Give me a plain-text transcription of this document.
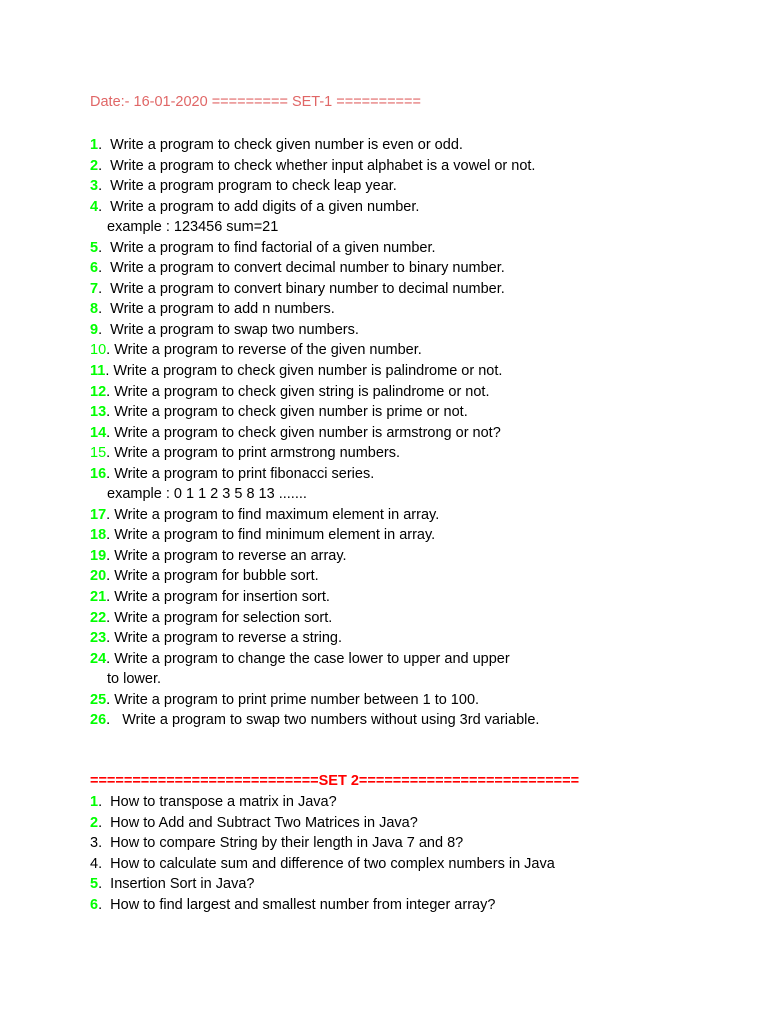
Date:- 16-01-2020 ========= SET-1 ==========
1.  Write a program to check given number is even or odd.
2.  Write a program to check whether input alphabet is a vowel or not.
3.  Write a program program to check leap year.
4.  Write a program to add digits of a given number.
example : 123456 sum=21
5.  Write a program to find factorial of a given number.
6.  Write a program to convert decimal number to binary number.
7.  Write a program to convert binary number to decimal number.
8.  Write a program to add n numbers.
9.  Write a program to swap two numbers.
10. Write a program to reverse of the given number.
11. Write a program to check given number is palindrome or not.
12. Write a program to check given string is palindrome or not.
13. Write a program to check given number is prime or not.
14. Write a program to check given number is armstrong or not?
15. Write a program to print armstrong numbers.
16. Write a program to print fibonacci series.
example : 0 1 1 2 3 5 8 13 .......
17. Write a program to find maximum element in array.
18. Write a program to find minimum element in array.
19. Write a program to reverse an array.
20. Write a program for bubble sort.
21. Write a program for insertion sort.
22. Write a program for selection sort.
23. Write a program to reverse a string.
24. Write a program to change the case lower to upper and upper
to lower.
25. Write a program to print prime number between 1 to 100.
26.   Write a program to swap two numbers without using 3rd variable.
===========================SET 2==========================
1.  How to transpose a matrix in Java?
2.  How to Add and Subtract Two Matrices in Java?
3.  How to compare String by their length in Java 7 and 8?
4.  How to calculate sum and difference of two complex numbers in Java
5.  Insertion Sort in Java?
6.  How to find largest and smallest number from integer array?
